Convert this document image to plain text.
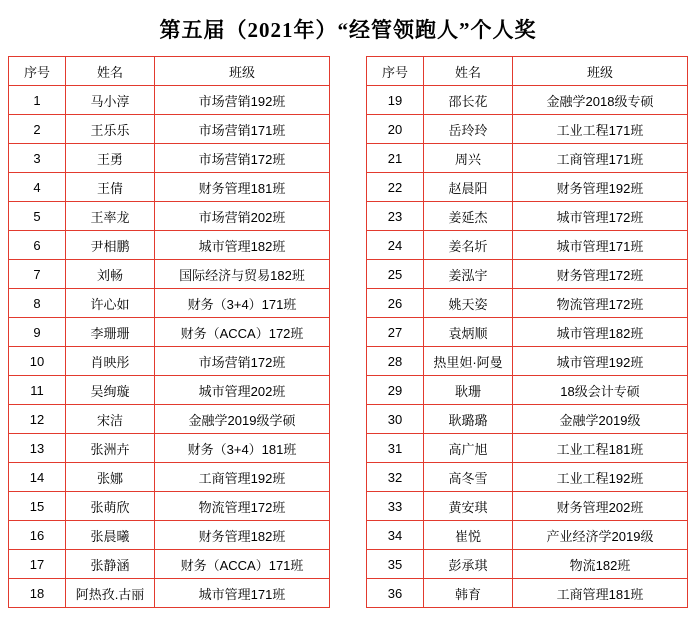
第五届（2021年）“经管领跑人”个人奖
序号	姓名	班级
1	马小淳	市场营销192班
2	王乐乐	市场营销171班
3	王勇	市场营销172班
4	王倩	财务管理181班
5	王率龙	市场营销202班
6	尹相鹏	城市管理182班
7	刘畅	国际经济与贸易182班
8	许心如	财务（3+4）171班
9	李珊珊	财务（ACCA）172班
10	肖映彤	市场营销172班
11	吴绚璇	城市管理202班
12	宋洁	金融学2019级学硕
13	张洲卉	财务（3+4）181班
14	张娜	工商管理192班
15	张萌欣	物流管理172班
16	张晨曦	财务管理182班
17	张静涵	财务（ACCA）171班
18	阿热孜.古丽	城市管理171班
序号	姓名	班级
19	邵长花	金融学2018级专硕
20	岳玲玲	工业工程171班
21	周兴	工商管理171班
22	赵晨阳	财务管理192班
23	姜延杰	城市管理172班
24	姜名圻	城市管理171班
25	姜泓宇	财务管理172班
26	姚天姿	物流管理172班
27	袁炳顺	城市管理182班
28	热里妲·阿曼	城市管理192班
29	耿珊	18级会计专硕
30	耿璐璐	金融学2019级
31	高广旭	工业工程181班
32	高冬雪	工业工程192班
33	黄安琪	财务管理202班
34	崔悦	产业经济学2019级
35	彭承琪	物流182班
36	韩育	工商管理181班
